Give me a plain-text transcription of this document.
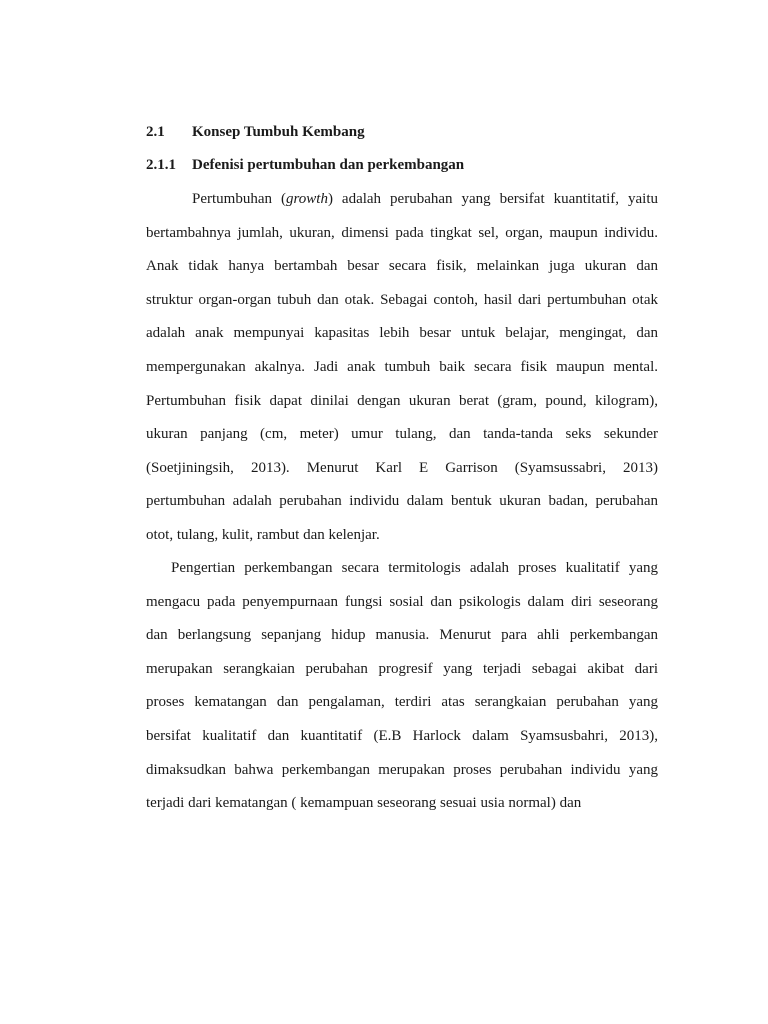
2.1 Konsep Tumbuh Kembang
2.1.1 Defenisi pertumbuhan dan perkembangan
Pertumbuhan (growth) adalah perubahan yang bersifat kuantitatif, yaitu
bertambahnya jumlah, ukuran, dimensi pada tingkat sel, organ, maupun individu.
Anak tidak hanya bertambah besar secara fisik, melainkan juga ukuran dan
struktur organ-organ tubuh dan otak. Sebagai contoh, hasil dari pertumbuhan otak
adalah anak mempunyai kapasitas lebih besar untuk belajar, mengingat, dan
mempergunakan akalnya. Jadi anak tumbuh baik secara fisik maupun mental.
Pertumbuhan fisik dapat dinilai dengan ukuran berat (gram, pound, kilogram),
ukuran panjang (cm, meter) umur tulang, dan tanda-tanda seks sekunder
(Soetjiningsih, 2013). Menurut Karl E Garrison (Syamsussabri, 2013)
pertumbuhan adalah perubahan individu dalam bentuk ukuran badan, perubahan
otot, tulang, kulit, rambut dan kelenjar.
Pengertian perkembangan secara termitologis adalah proses kualitatif yang
mengacu pada penyempurnaan fungsi sosial dan psikologis dalam diri seseorang
dan berlangsung sepanjang hidup manusia. Menurut para ahli perkembangan
merupakan serangkaian perubahan progresif yang terjadi sebagai akibat dari
proses kematangan dan pengalaman, terdiri atas serangkaian perubahan yang
bersifat kualitatif dan kuantitatif (E.B Harlock dalam Syamsusbahri, 2013),
dimaksudkan bahwa perkembangan merupakan proses perubahan individu yang
terjadi dari kematangan ( kemampuan seseorang sesuai usia normal) dan
